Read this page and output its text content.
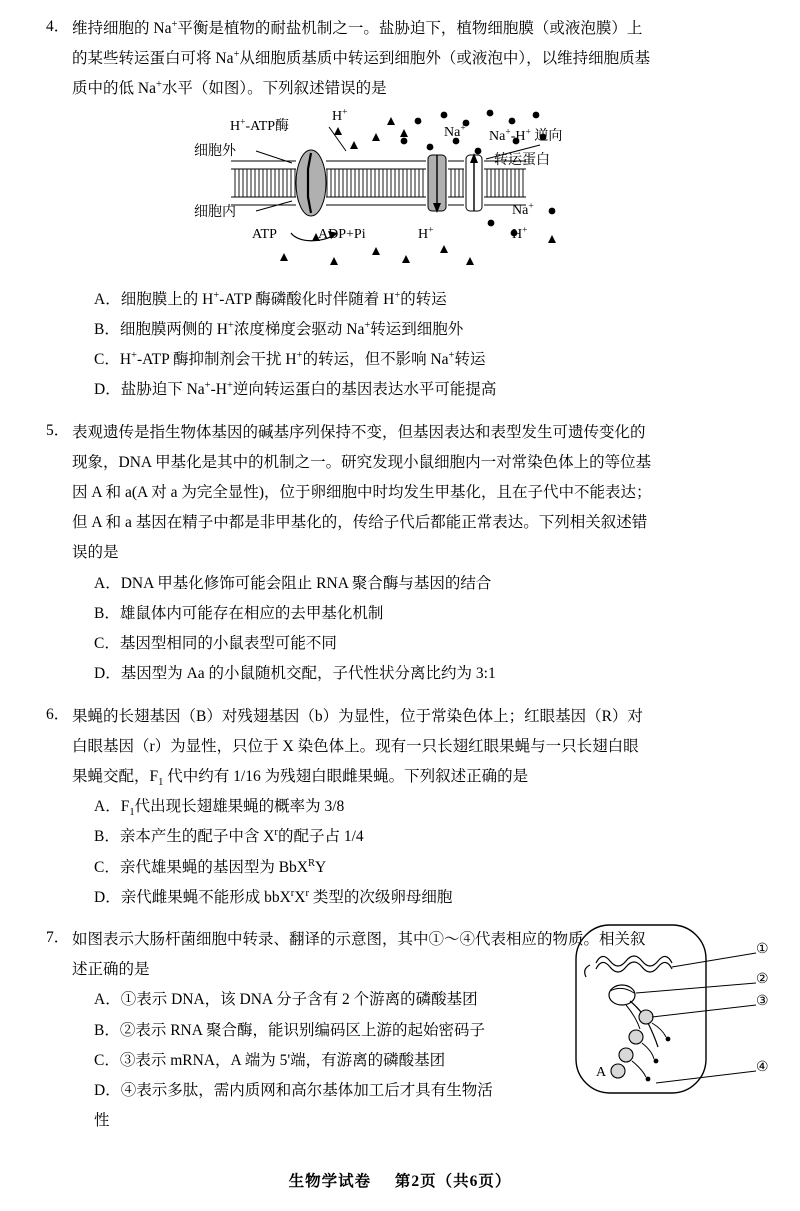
4． 维持细胞的 Na+平衡是植物的耐盐机制之一。盐胁迫下，植物细胞膜（或液泡膜）上
的某些转运蛋白可将 Na+从细胞质基质中转运到细胞外（或液泡中），以维持细胞质基
质中的低 Na+水平（如图）。下列叙述错误的是
H+-ATP酶
H+
细胞外
细胞内
ATP	ADP+Pi	H+
Na+
Na+-H+ 逆向
转运蛋白
Na+
H+
A．细胞膜上的 H+-ATP 酶磷酸化时伴随着 H+的转运
B．细胞膜两侧的 H+浓度梯度会驱动 Na+转运到细胞外
C．H+-ATP 酶抑制剂会干扰 H+的转运，但不影响 Na+转运
D．盐胁迫下 Na+-H+逆向转运蛋白的基因表达水平可能提高
5． 表观遗传是指生物体基因的碱基序列保持不变，但基因表达和表型发生可遗传变化的
现象，DNA 甲基化是其中的机制之一。研究发现小鼠细胞内一对常染色体上的等位基
因 A 和 a(A 对 a 为完全显性)，位于卵细胞中时均发生甲基化，且在子代中不能表达；
但 A 和 a 基因在精子中都是非甲基化的，传给子代后都能正常表达。下列相关叙述错
误的是
A．DNA 甲基化修饰可能会阻止 RNA 聚合酶与基因的结合
B．雄鼠体内可能存在相应的去甲基化机制
C．基因型相同的小鼠表型可能不同
D．基因型为 Aa 的小鼠随机交配，子代性状分离比约为 3:1
6． 果蝇的长翅基因（B）对残翅基因（b）为显性，位于常染色体上；红眼基因（R）对
白眼基因（r）为显性，只位于 X 染色体上。现有一只长翅红眼果蝇与一只长翅白眼
果蝇交配，$F_1$ 代中约有 1/16 为残翅白眼雌果蝇。下列叙述正确的是
A．$F_1$代出现长翅雄果蝇的概率为 3/8
B．亲本产生的配子中含 $X^r$的配子占 1/4
C．亲代雄果蝇的基因型为 BbX$^R$Y
D．亲代雌果蝇不能形成 $bbX^rX^r$ 类型的次级卵母细胞
7． 如图表示大肠杆菌细胞中转录、翻译的示意图，其中①～④代表相应的物质。相关叙
述正确的是
A．①表示 DNA，该 DNA 分子含有 2 个游离的磷酸基团
B．②表示 RNA 聚合酶，能识别编码区上游的起始密码子
C．③表示 mRNA，A 端为 5'端，有游离的磷酸基团
D．④表示多肽，需内质网和高尔基体加工后才具有生物活性
①
②
③
④
A
生物学试卷 第2页（共6页）
